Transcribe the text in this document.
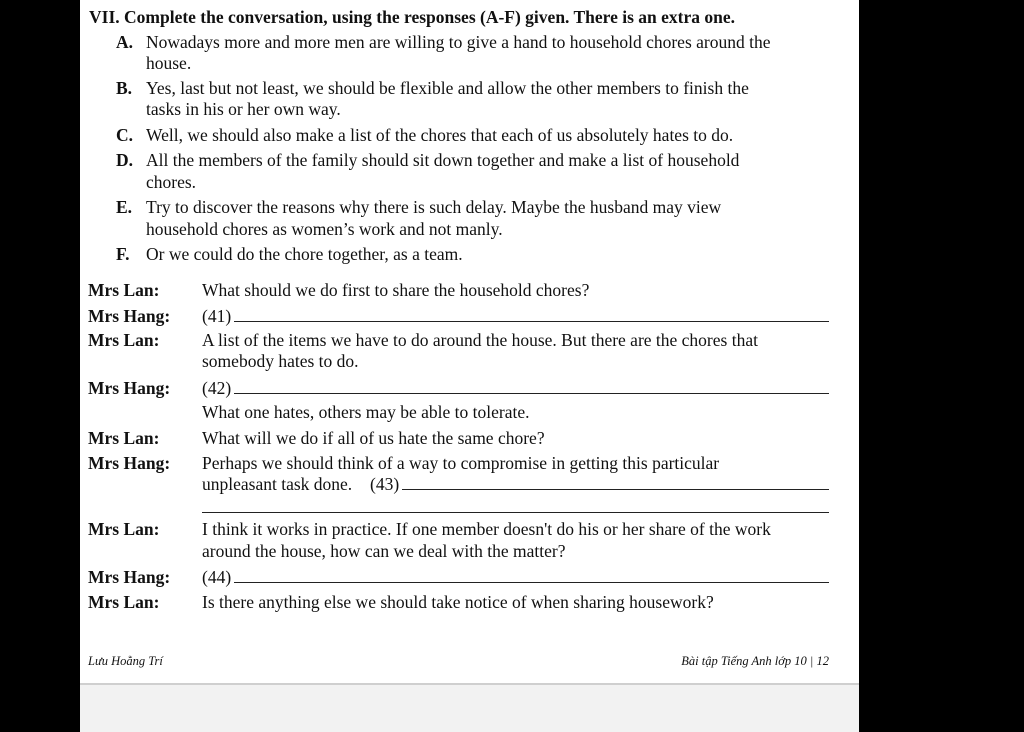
VII. Complete the conversation, using the responses (A-F) given. There is an extra one.
A. Nowadays more and more men are willing to give a hand to household chores around the
house.
B. Yes, last but not least, we should be flexible and allow the other members to finish the
tasks in his or her own way.
C. Well, we should also make a list of the chores that each of us absolutely hates to do.
D. All the members of the family should sit down together and make a list of household
chores.
E. Try to discover the reasons why there is such delay. Maybe the husband may view
household chores as women’s work and not manly.
F. Or we could do the chore together, as a team.
Mrs Lan: What should we do first to share the household chores?
Mrs Hang: (41)
Mrs Lan: A list of the items we have to do around the house. But there are the chores that
somebody hates to do.
Mrs Hang: (42)
What one hates, others may be able to tolerate.
Mrs Lan: What will we do if all of us hate the same chore?
Mrs Hang: Perhaps we should think of a way to compromise in getting this particular
unpleasant task done. (43)
Mrs Lan: I think it works in practice. If one member doesn't do his or her share of the work
around the house, how can we deal with the matter?
Mrs Hang: (44)
Mrs Lan: Is there anything else we should take notice of when sharing housework?
Lưu Hoằng Trí	Bài tập Tiếng Anh lớp 10 | 12
